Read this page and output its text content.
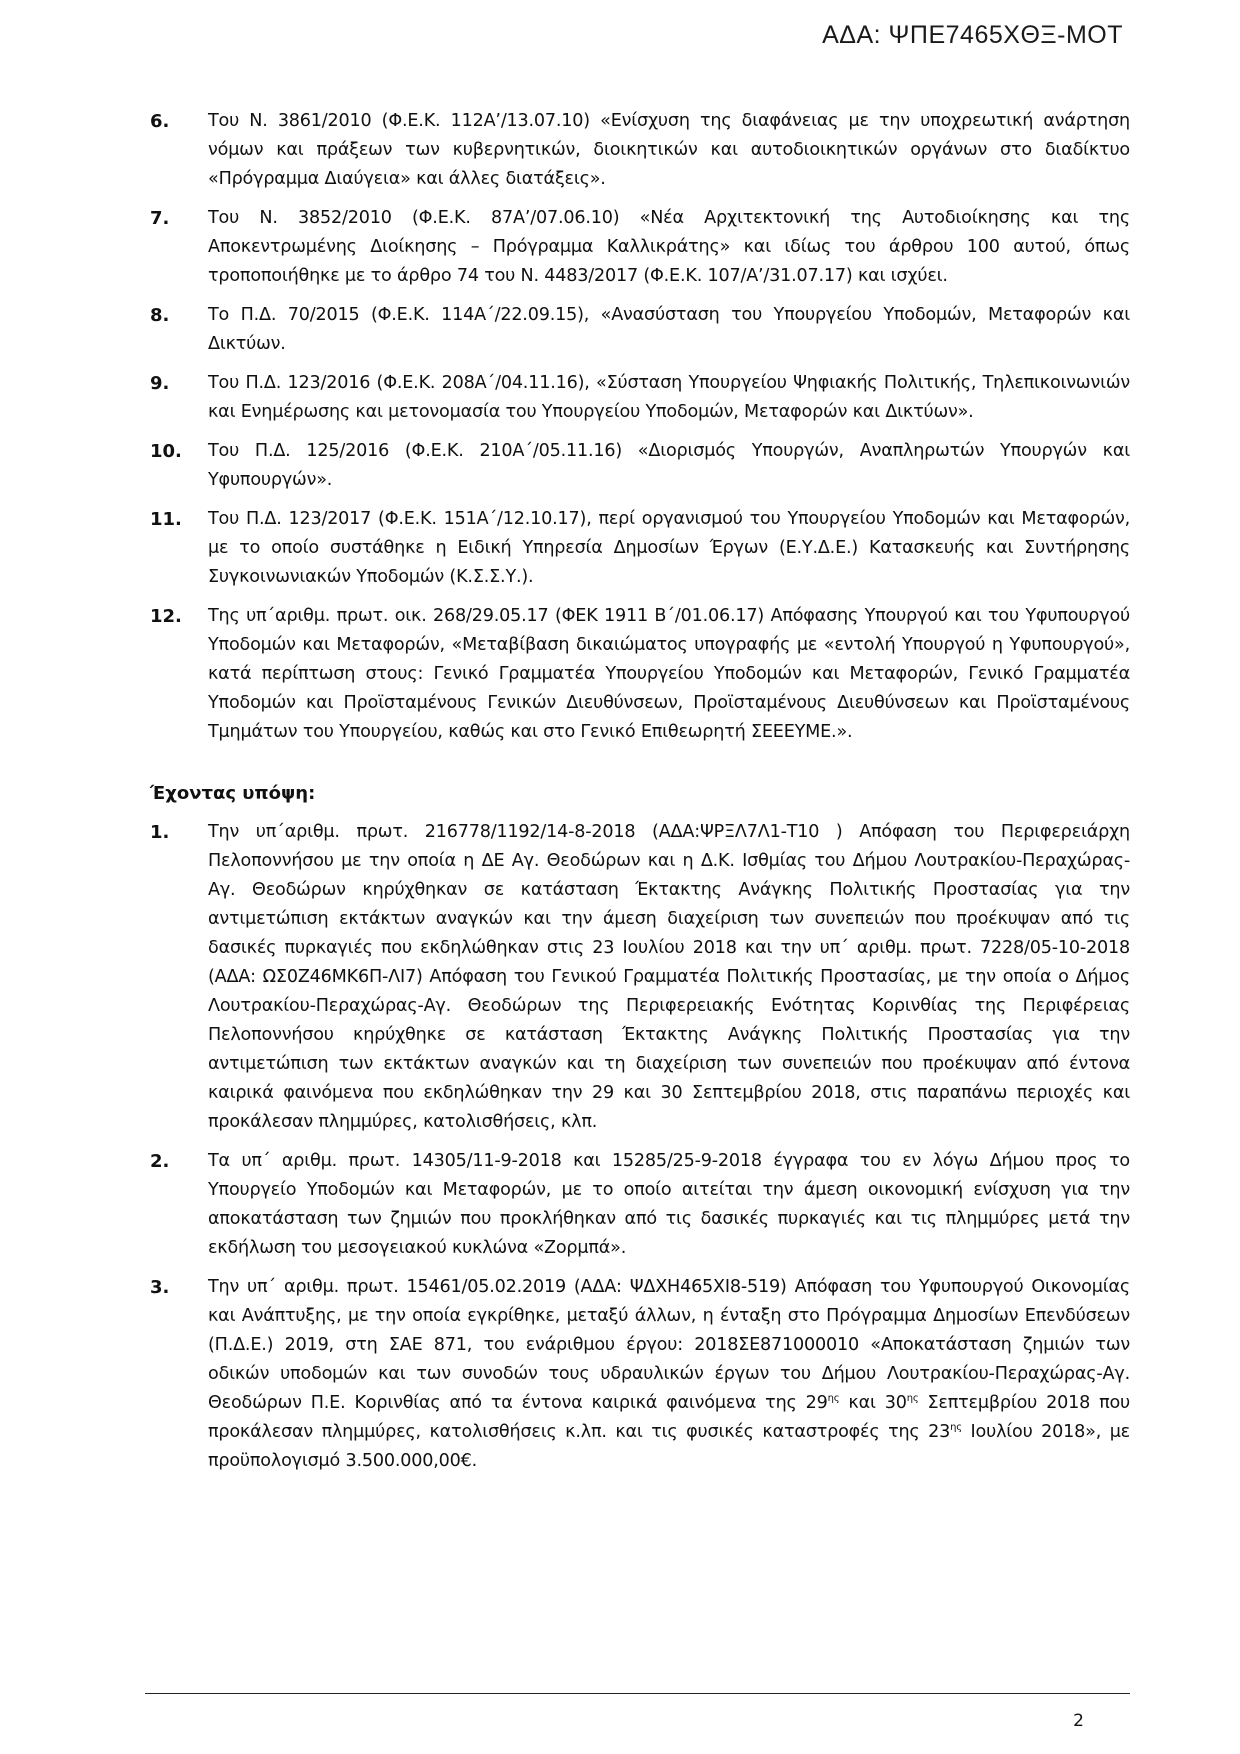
ΑΔΑ: ΨΠΕ7465ΧΘΞ-ΜΟΤ
6.	Του Ν. 3861/2010 (Φ.Ε.Κ. 112Α’/13.07.10) «Ενίσχυση της διαφάνειας με την υποχρεωτική ανάρτηση νόμων και πράξεων των κυβερνητικών, διοικητικών και αυτοδιοικητικών οργάνων στο διαδίκτυο «Πρόγραμμα Διαύγεια» και άλλες διατάξεις».
7.	Του Ν. 3852/2010 (Φ.Ε.Κ. 87Α’/07.06.10) «Νέα Αρχιτεκτονική της Αυτοδιοίκησης και της Αποκεντρωμένης Διοίκησης – Πρόγραμμα Καλλικράτης» και ιδίως του άρθρου 100 αυτού, όπως τροποποιήθηκε με το άρθρο 74 του Ν. 4483/2017 (Φ.Ε.Κ. 107/Α’/31.07.17) και ισχύει.
8.	Το Π.Δ. 70/2015 (Φ.Ε.Κ. 114Α΄/22.09.15), «Ανασύσταση του Υπουργείου Υποδομών, Μεταφορών και Δικτύων.
9.	Του Π.Δ. 123/2016 (Φ.Ε.Κ. 208Α΄/04.11.16), «Σύσταση Υπουργείου Ψηφιακής Πολιτικής, Τηλεπικοινωνιών και Ενημέρωσης και μετονομασία του Υπουργείου Υποδομών, Μεταφορών και Δικτύων».
10.	Του Π.Δ. 125/2016 (Φ.Ε.Κ. 210Α΄/05.11.16) «Διορισμός Υπουργών, Αναπληρωτών Υπουργών και Υφυπουργών».
11.	Του Π.Δ. 123/2017 (Φ.Ε.Κ. 151Α΄/12.10.17), περί οργανισμού του Υπουργείου Υποδομών και Μεταφορών, με το οποίο συστάθηκε η Ειδική Υπηρεσία Δημοσίων Έργων (Ε.Υ.Δ.Ε.) Κατασκευής και Συντήρησης Συγκοινωνιακών Υποδομών (Κ.Σ.Σ.Υ.).
12.	Της υπ΄αριθμ. πρωτ. οικ. 268/29.05.17 (ΦΕΚ 1911 Β΄/01.06.17) Απόφασης Υπουργού και του Υφυπουργού Υποδομών και Μεταφορών, «Μεταβίβαση δικαιώματος υπογραφής με «εντολή Υπουργού η Υφυπουργού», κατά περίπτωση στους: Γενικό Γραμματέα Υπουργείου Υποδομών και Μεταφορών, Γενικό Γραμματέα Υποδομών και Προϊσταμένους Γενικών Διευθύνσεων, Προϊσταμένους Διευθύνσεων και Προϊσταμένους Τμημάτων του Υπουργείου, καθώς και στο Γενικό Επιθεωρητή ΣΕΕΕΥΜΕ.».
Έχοντας υπόψη:
1.	Την υπ΄αριθμ. πρωτ. 216778/1192/14-8-2018 (ΑΔΑ:ΨΡΞΛ7Λ1-Τ10 ) Απόφαση του Περιφερειάρχη Πελοποννήσου με την οποία η ΔΕ Αγ. Θεοδώρων και η Δ.Κ. Ισθμίας του Δήμου Λουτρακίου-Περαχώρας- Αγ. Θεοδώρων κηρύχθηκαν σε κατάσταση Έκτακτης Ανάγκης Πολιτικής Προστασίας για την αντιμετώπιση εκτάκτων αναγκών και την άμεση διαχείριση των συνεπειών που προέκυψαν από τις δασικές πυρκαγιές που εκδηλώθηκαν στις 23 Ιουλίου 2018 και την υπ΄ αριθμ. πρωτ. 7228/05-10-2018 (ΑΔΑ: ΩΣ0Ζ46ΜΚ6Π-ΛΙ7) Απόφαση του Γενικού Γραμματέα Πολιτικής Προστασίας, με την οποία ο Δήμος Λουτρακίου-Περαχώρας-Αγ. Θεοδώρων της Περιφερειακής Ενότητας Κορινθίας της Περιφέρειας Πελοποννήσου κηρύχθηκε σε κατάσταση Έκτακτης Ανάγκης Πολιτικής Προστασίας για την αντιμετώπιση των εκτάκτων αναγκών και τη διαχείριση των συνεπειών που προέκυψαν από έντονα καιρικά φαινόμενα που εκδηλώθηκαν την 29 και 30 Σεπτεμβρίου 2018, στις παραπάνω περιοχές και προκάλεσαν πλημμύρες, κατολισθήσεις, κλπ.
2.	Τα υπ΄ αριθμ. πρωτ. 14305/11-9-2018 και 15285/25-9-2018 έγγραφα του εν λόγω Δήμου προς το Υπουργείο Υποδομών και Μεταφορών, με το οποίο αιτείται την άμεση οικονομική ενίσχυση για την αποκατάσταση των ζημιών που προκλήθηκαν από τις δασικές πυρκαγιές και τις πλημμύρες μετά την εκδήλωση του μεσογειακού κυκλώνα «Ζορμπά».
3.	Την υπ΄ αριθμ. πρωτ. 15461/05.02.2019 (ΑΔΑ: ΨΔΧΗ465ΧΙ8-519) Απόφαση του Υφυπουργού Οικονομίας και Ανάπτυξης, με την οποία εγκρίθηκε, μεταξύ άλλων, η ένταξη στο Πρόγραμμα Δημοσίων Επενδύσεων (Π.Δ.Ε.) 2019, στη ΣΑΕ 871, του ενάριθμου έργου: 2018ΣΕ871000010 «Αποκατάσταση ζημιών των οδικών υποδομών και των συνοδών τους υδραυλικών έργων του Δήμου Λουτρακίου-Περαχώρας-Αγ. Θεοδώρων Π.Ε. Κορινθίας από τα έντονα καιρικά φαινόμενα της $29^{\eta\varsigma}$ και $30^{\eta\varsigma}$ Σεπτεμβρίου 2018 που προκάλεσαν πλημμύρες, κατολισθήσεις κ.λπ. και τις φυσικές καταστροφές της $23^{\eta\varsigma}$ Ιουλίου 2018», με προϋπολογισμό 3.500.000,00€.
2
